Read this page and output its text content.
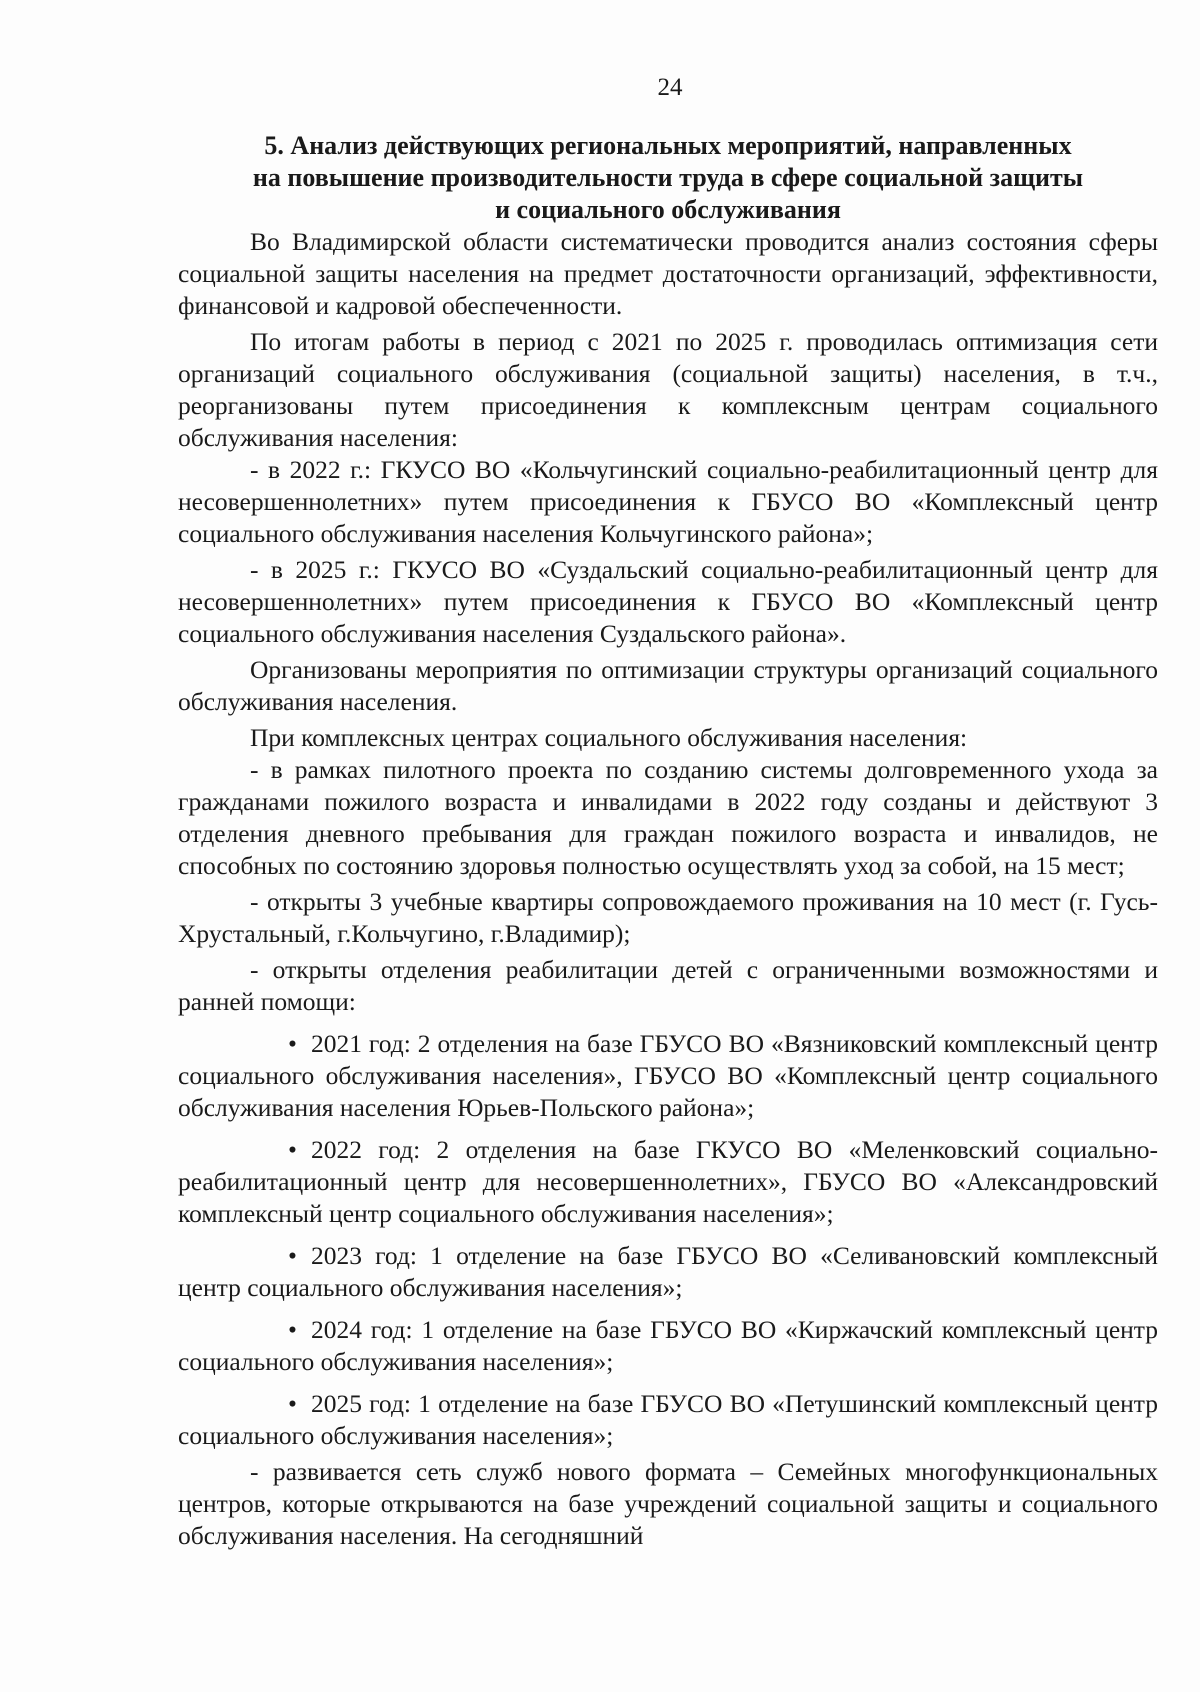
24
5. Анализ действующих региональных мероприятий, направленных
на повышение производительности труда в сфере социальной защиты
и социального обслуживания

Во Владимирской области систематически проводится анализ состояния сферы социальной защиты населения на предмет достаточности организаций, эффективности, финансовой и кадровой обеспеченности.

По итогам работы в период с 2021 по 2025 г. проводилась оптимизация сети организаций социального обслуживания (социальной защиты) населения, в т.ч., реорганизованы путем присоединения к комплексным центрам социального обслуживания населения:

- в 2022 г.: ГКУСО ВО «Кольчугинский социально-реабилитационный центр для несовершеннолетних» путем присоединения к ГБУСО ВО «Комплексный центр социального обслуживания населения Кольчугинского района»;

- в 2025 г.: ГКУСО ВО «Суздальский социально-реабилитационный центр для несовершеннолетних» путем присоединения к ГБУСО ВО «Комплексный центр социального обслуживания населения Суздальского района».

Организованы мероприятия по оптимизации структуры организаций социального обслуживания населения.

При комплексных центрах социального обслуживания населения:

- в рамках пилотного проекта по созданию системы долговременного ухода за гражданами пожилого возраста и инвалидами в 2022 году созданы и действуют 3 отделения дневного пребывания для граждан пожилого возраста и инвалидов, не способных по состоянию здоровья полностью осуществлять уход за собой, на 15 мест;

- открыты 3 учебные квартиры сопровождаемого проживания на 10 мест (г. Гусь-Хрустальный, г.Кольчугино, г.Владимир);

- открыты отделения реабилитации детей с ограниченными возможностями и ранней помощи:

• 2021 год: 2 отделения на базе ГБУСО ВО «Вязниковский комплексный центр социального обслуживания населения», ГБУСО ВО «Комплексный центр социального обслуживания населения Юрьев-Польского района»;

• 2022 год: 2 отделения на базе ГКУСО ВО «Меленковский социально-реабилитационный центр для несовершеннолетних», ГБУСО ВО «Александровский комплексный центр социального обслуживания населения»;

• 2023 год: 1 отделение на базе ГБУСО ВО «Селивановский комплексный центр социального обслуживания населения»;

• 2024 год: 1 отделение на базе ГБУСО ВО «Киржачский комплексный центр социального обслуживания населения»;

• 2025 год: 1 отделение на базе ГБУСО ВО «Петушинский комплексный центр социального обслуживания населения»;

- развивается сеть служб нового формата – Семейных многофункциональных центров, которые открываются на базе учреждений социальной защиты и социального обслуживания населения. На сегодняшний
